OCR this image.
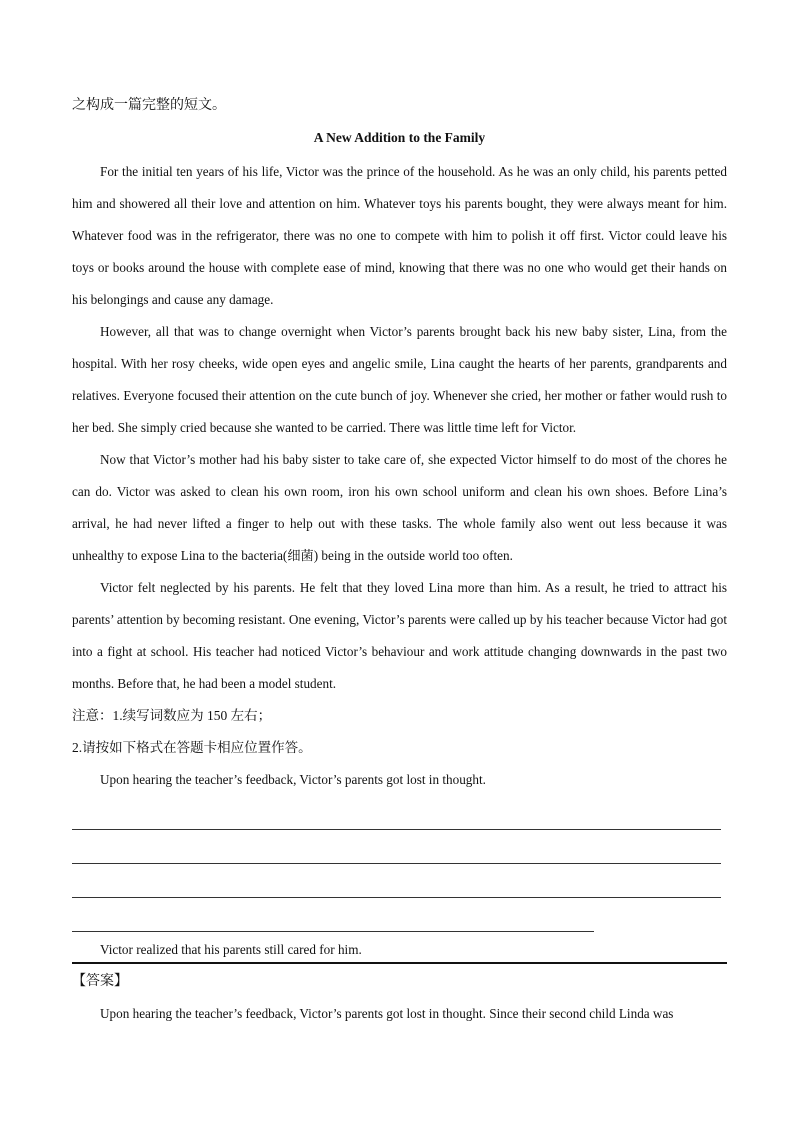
之构成一篇完整的短文。

A New Addition to the Family

For the initial ten years of his life, Victor was the prince of the household. As he was an only child, his parents petted him and showered all their love and attention on him. Whatever toys his parents bought, they were always meant for him. Whatever food was in the refrigerator, there was no one to compete with him to polish it off first. Victor could leave his toys or books around the house with complete ease of mind, knowing that there was no one who would get their hands on his belongings and cause any damage.

However, all that was to change overnight when Victor’s parents brought back his new baby sister, Lina, from the hospital. With her rosy cheeks, wide open eyes and angelic smile, Lina caught the hearts of her parents, grandparents and relatives. Everyone focused their attention on the cute bunch of joy. Whenever she cried, her mother or father would rush to her bed. She simply cried because she wanted to be carried. There was little time left for Victor.

Now that Victor’s mother had his baby sister to take care of, she expected Victor himself to do most of the chores he can do. Victor was asked to clean his own room, iron his own school uniform and clean his own shoes. Before Lina’s arrival, he had never lifted a finger to help out with these tasks. The whole family also went out less because it was unhealthy to expose Lina to the bacteria(细菌) being in the outside world too often.

Victor felt neglected by his parents. He felt that they loved Lina more than him. As a result, he tried to attract his parents’ attention by becoming resistant. One evening, Victor’s parents were called up by his teacher because Victor had got into a fight at school. His teacher had noticed Victor’s behaviour and work attitude changing downwards in the past two months. Before that, he had been a model student.

注意：1.续写词数应为 150 左右；

2.请按如下格式在答题卡相应位置作答。

Upon hearing the teacher’s feedback, Victor’s parents got lost in thought.

Victor realized that his parents still cared for him.

【答案】

Upon hearing the teacher’s feedback, Victor’s parents got lost in thought. Since their second child Linda was
